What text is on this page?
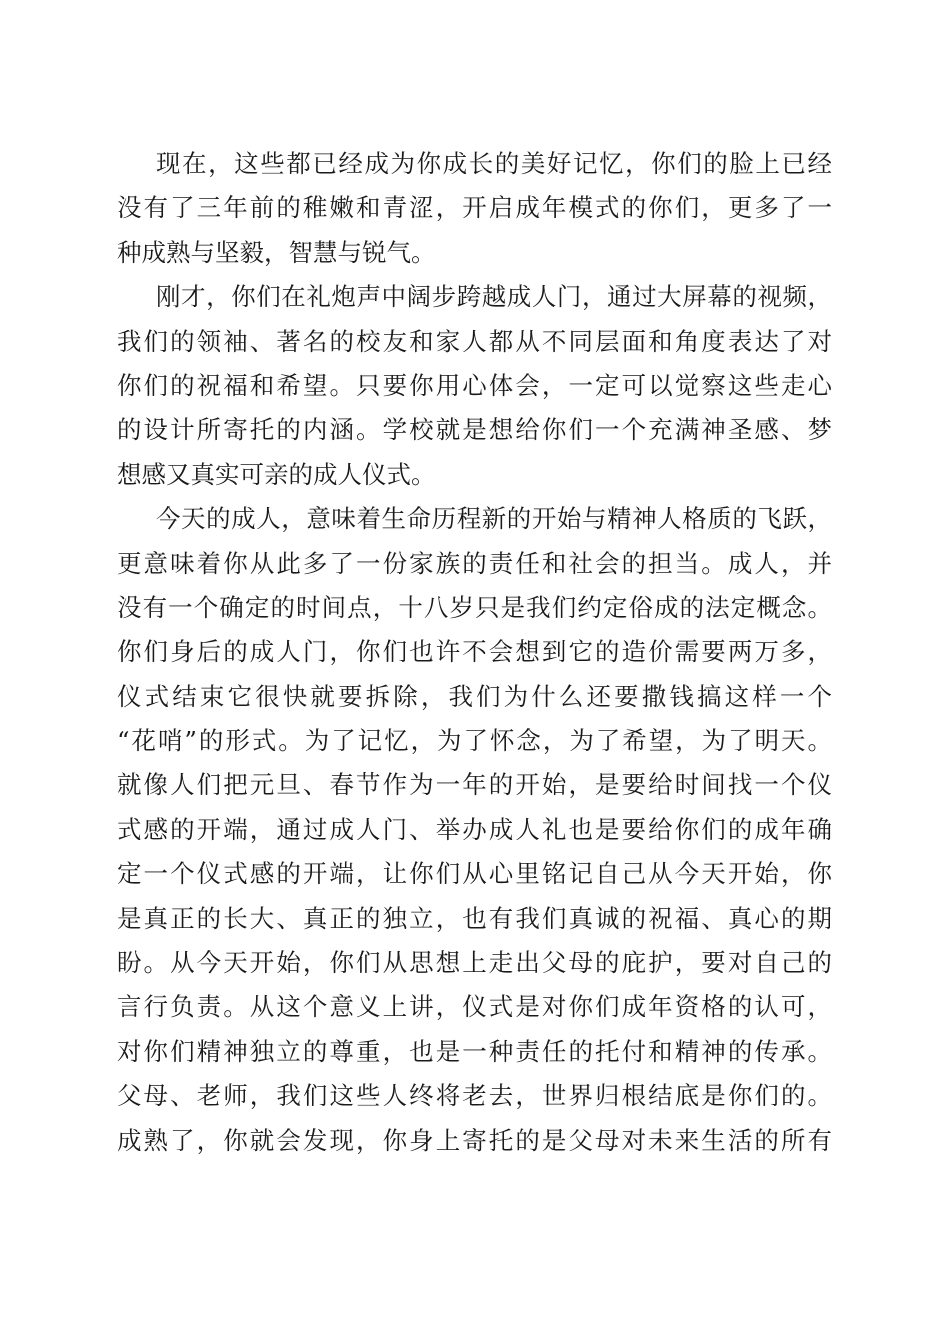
现在，这些都已经成为你成长的美好记忆，你们的脸上已经
没有了三年前的稚嫩和青涩，开启成年模式的你们，更多了一
种成熟与坚毅，智慧与锐气。
刚才，你们在礼炮声中阔步跨越成人门，通过大屏幕的视频，
我们的领袖、著名的校友和家人都从不同层面和角度表达了对
你们的祝福和希望。只要你用心体会，一定可以觉察这些走心
的设计所寄托的内涵。学校就是想给你们一个充满神圣感、梦
想感又真实可亲的成人仪式。
今天的成人，意味着生命历程新的开始与精神人格质的飞跃，
更意味着你从此多了一份家族的责任和社会的担当。成人，并
没有一个确定的时间点，十八岁只是我们约定俗成的法定概念。
你们身后的成人门，你们也许不会想到它的造价需要两万多，
仪式结束它很快就要拆除，我们为什么还要撒钱搞这样一个
“花哨”的形式。为了记忆，为了怀念，为了希望，为了明天。
就像人们把元旦、春节作为一年的开始，是要给时间找一个仪
式感的开端，通过成人门、举办成人礼也是要给你们的成年确
定一个仪式感的开端，让你们从心里铭记自己从今天开始，你
是真正的长大、真正的独立，也有我们真诚的祝福、真心的期
盼。从今天开始，你们从思想上走出父母的庇护，要对自己的
言行负责。从这个意义上讲，仪式是对你们成年资格的认可，
对你们精神独立的尊重，也是一种责任的托付和精神的传承。
父母、老师，我们这些人终将老去，世界归根结底是你们的。
成熟了，你就会发现，你身上寄托的是父母对未来生活的所有
